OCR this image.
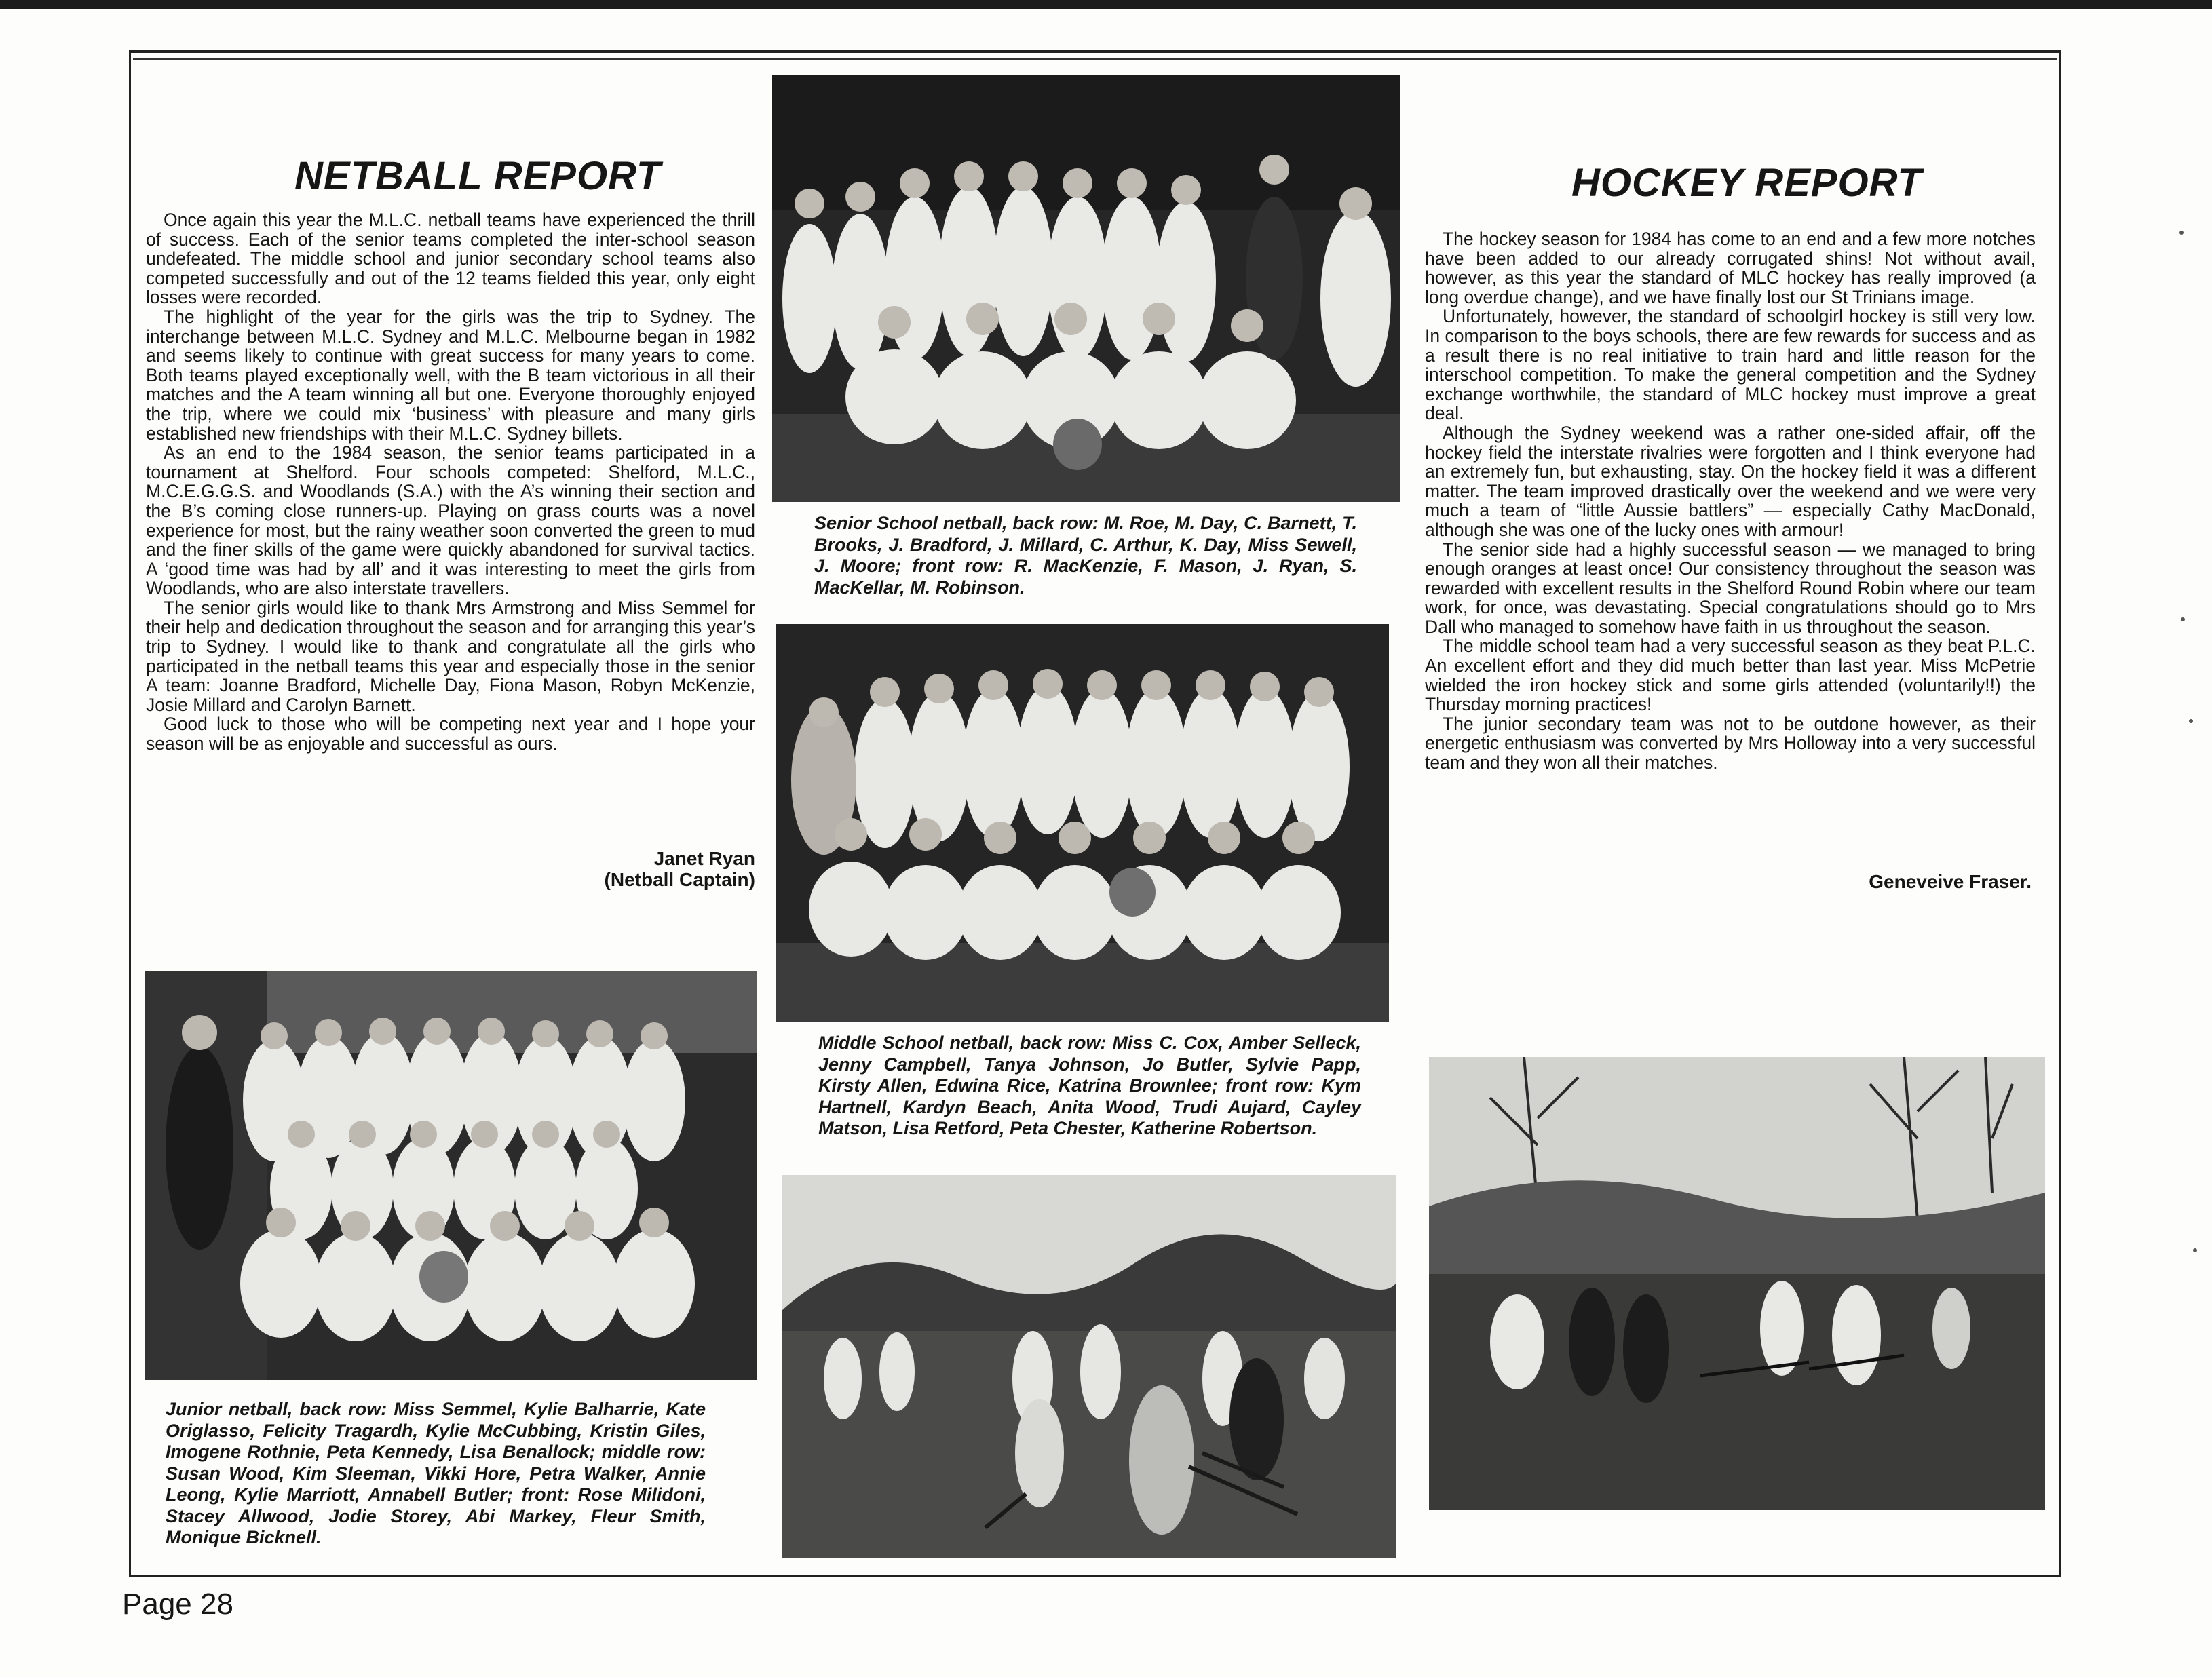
NETBALL REPORT

Once again this year the M.L.C. netball teams have experienced the thrill of success. Each of the senior teams completed the inter-school season undefeated. The middle school and junior secondary school teams also competed successfully and out of the 12 teams fielded this year, only eight losses were recorded.

The highlight of the year for the girls was the trip to Sydney. The interchange between M.L.C. Sydney and M.L.C. Melbourne began in 1982 and seems likely to continue with great success for many years to come. Both teams played exceptionally well, with the B team victorious in all their matches and the A team winning all but one. Everyone thoroughly enjoyed the trip, where we could mix ‘business’ with pleasure and many girls established new friendships with their M.L.C. Sydney billets.

As an end to the 1984 season, the senior teams participated in a tournament at Shelford. Four schools competed: Shelford, M.L.C., M.C.E.G.G.S. and Woodlands (S.A.) with the A’s winning their section and the B’s coming close runners-up. Playing on grass courts was a novel experience for most, but the rainy weather soon converted the green to mud and the finer skills of the game were quickly abandoned for survival tactics. A ‘good time was had by all’ and it was interesting to meet the girls from Woodlands, who are also interstate travellers.

The senior girls would like to thank Mrs Armstrong and Miss Semmel for their help and dedication throughout the season and for arranging this year’s trip to Sydney. I would like to thank and congratulate all the girls who participated in the netball teams this year and especially those in the senior A team: Joanne Bradford, Michelle Day, Fiona Mason, Robyn McKenzie, Josie Millard and Carolyn Barnett.

Good luck to those who will be competing next year and I hope your season will be as enjoyable and successful as ours.

Janet Ryan
(Netball Captain)
HOCKEY REPORT

The hockey season for 1984 has come to an end and a few more notches have been added to our already corrugated shins! Not without avail, however, as this year the standard of MLC hockey has really improved (a long overdue change), and we have finally lost our St Trinians image.

Unfortunately, however, the standard of schoolgirl hockey is still very low. In comparison to the boys schools, there are few rewards for success and as a result there is no real initiative to train hard and little reason for the interschool competition. To make the general competition and the Sydney exchange worthwhile, the standard of MLC hockey must improve a great deal.

Although the Sydney weekend was a rather one-sided affair, off the hockey field the interstate rivalries were forgotten and I think everyone had an extremely fun, but exhausting, stay. On the hockey field it was a different matter. The team improved drastically over the weekend and we were very much a team of “little Aussie battlers” — especially Cathy MacDonald, although she was one of the lucky ones with armour!

The senior side had a highly successful season — we managed to bring enough oranges at least once! Our consistency throughout the season was rewarded with excellent results in the Shelford Round Robin where our team work, for once, was devastating. Special congratulations should go to Mrs Dall who managed to somehow have faith in us throughout the season.

The middle school team had a very successful season as they beat P.L.C. An excellent effort and they did much better than last year. Miss McPetrie wielded the iron hockey stick and some girls attended (voluntarily!!) the Thursday morning practices!

The junior secondary team was not to be outdone however, as their energetic enthusiasm was converted by Mrs Holloway into a very successful team and they won all their matches.

Geneveive Fraser.
Senior School netball, back row: M. Roe, M. Day, C. Barnett, T. Brooks, J. Bradford, J. Millard, C. Arthur, K. Day, Miss Sewell, J. Moore; front row: R. MacKenzie, F. Mason, J. Ryan, S. MacKellar, M. Robinson.
Middle School netball, back row: Miss C. Cox, Amber Selleck, Jenny Campbell, Tanya Johnson, Jo Butler, Sylvie Papp, Kirsty Allen, Edwina Rice, Katrina Brownlee; front row: Kym Hartnell, Kardyn Beach, Anita Wood, Trudi Aujard, Cayley Matson, Lisa Retford, Peta Chester, Katherine Robertson.
Junior netball, back row: Miss Semmel, Kylie Balharrie, Kate Origlasso, Felicity Tragardh, Kylie McCubbing, Kristin Giles, Imogene Rothnie, Peta Kennedy, Lisa Benallock; middle row: Susan Wood, Kim Sleeman, Vikki Hore, Petra Walker, Annie Leong, Kylie Marriott, Annabell Butler; front: Rose Milidoni, Stacey Allwood, Jodie Storey, Abi Markey, Fleur Smith, Monique Bicknell.
Page 28
